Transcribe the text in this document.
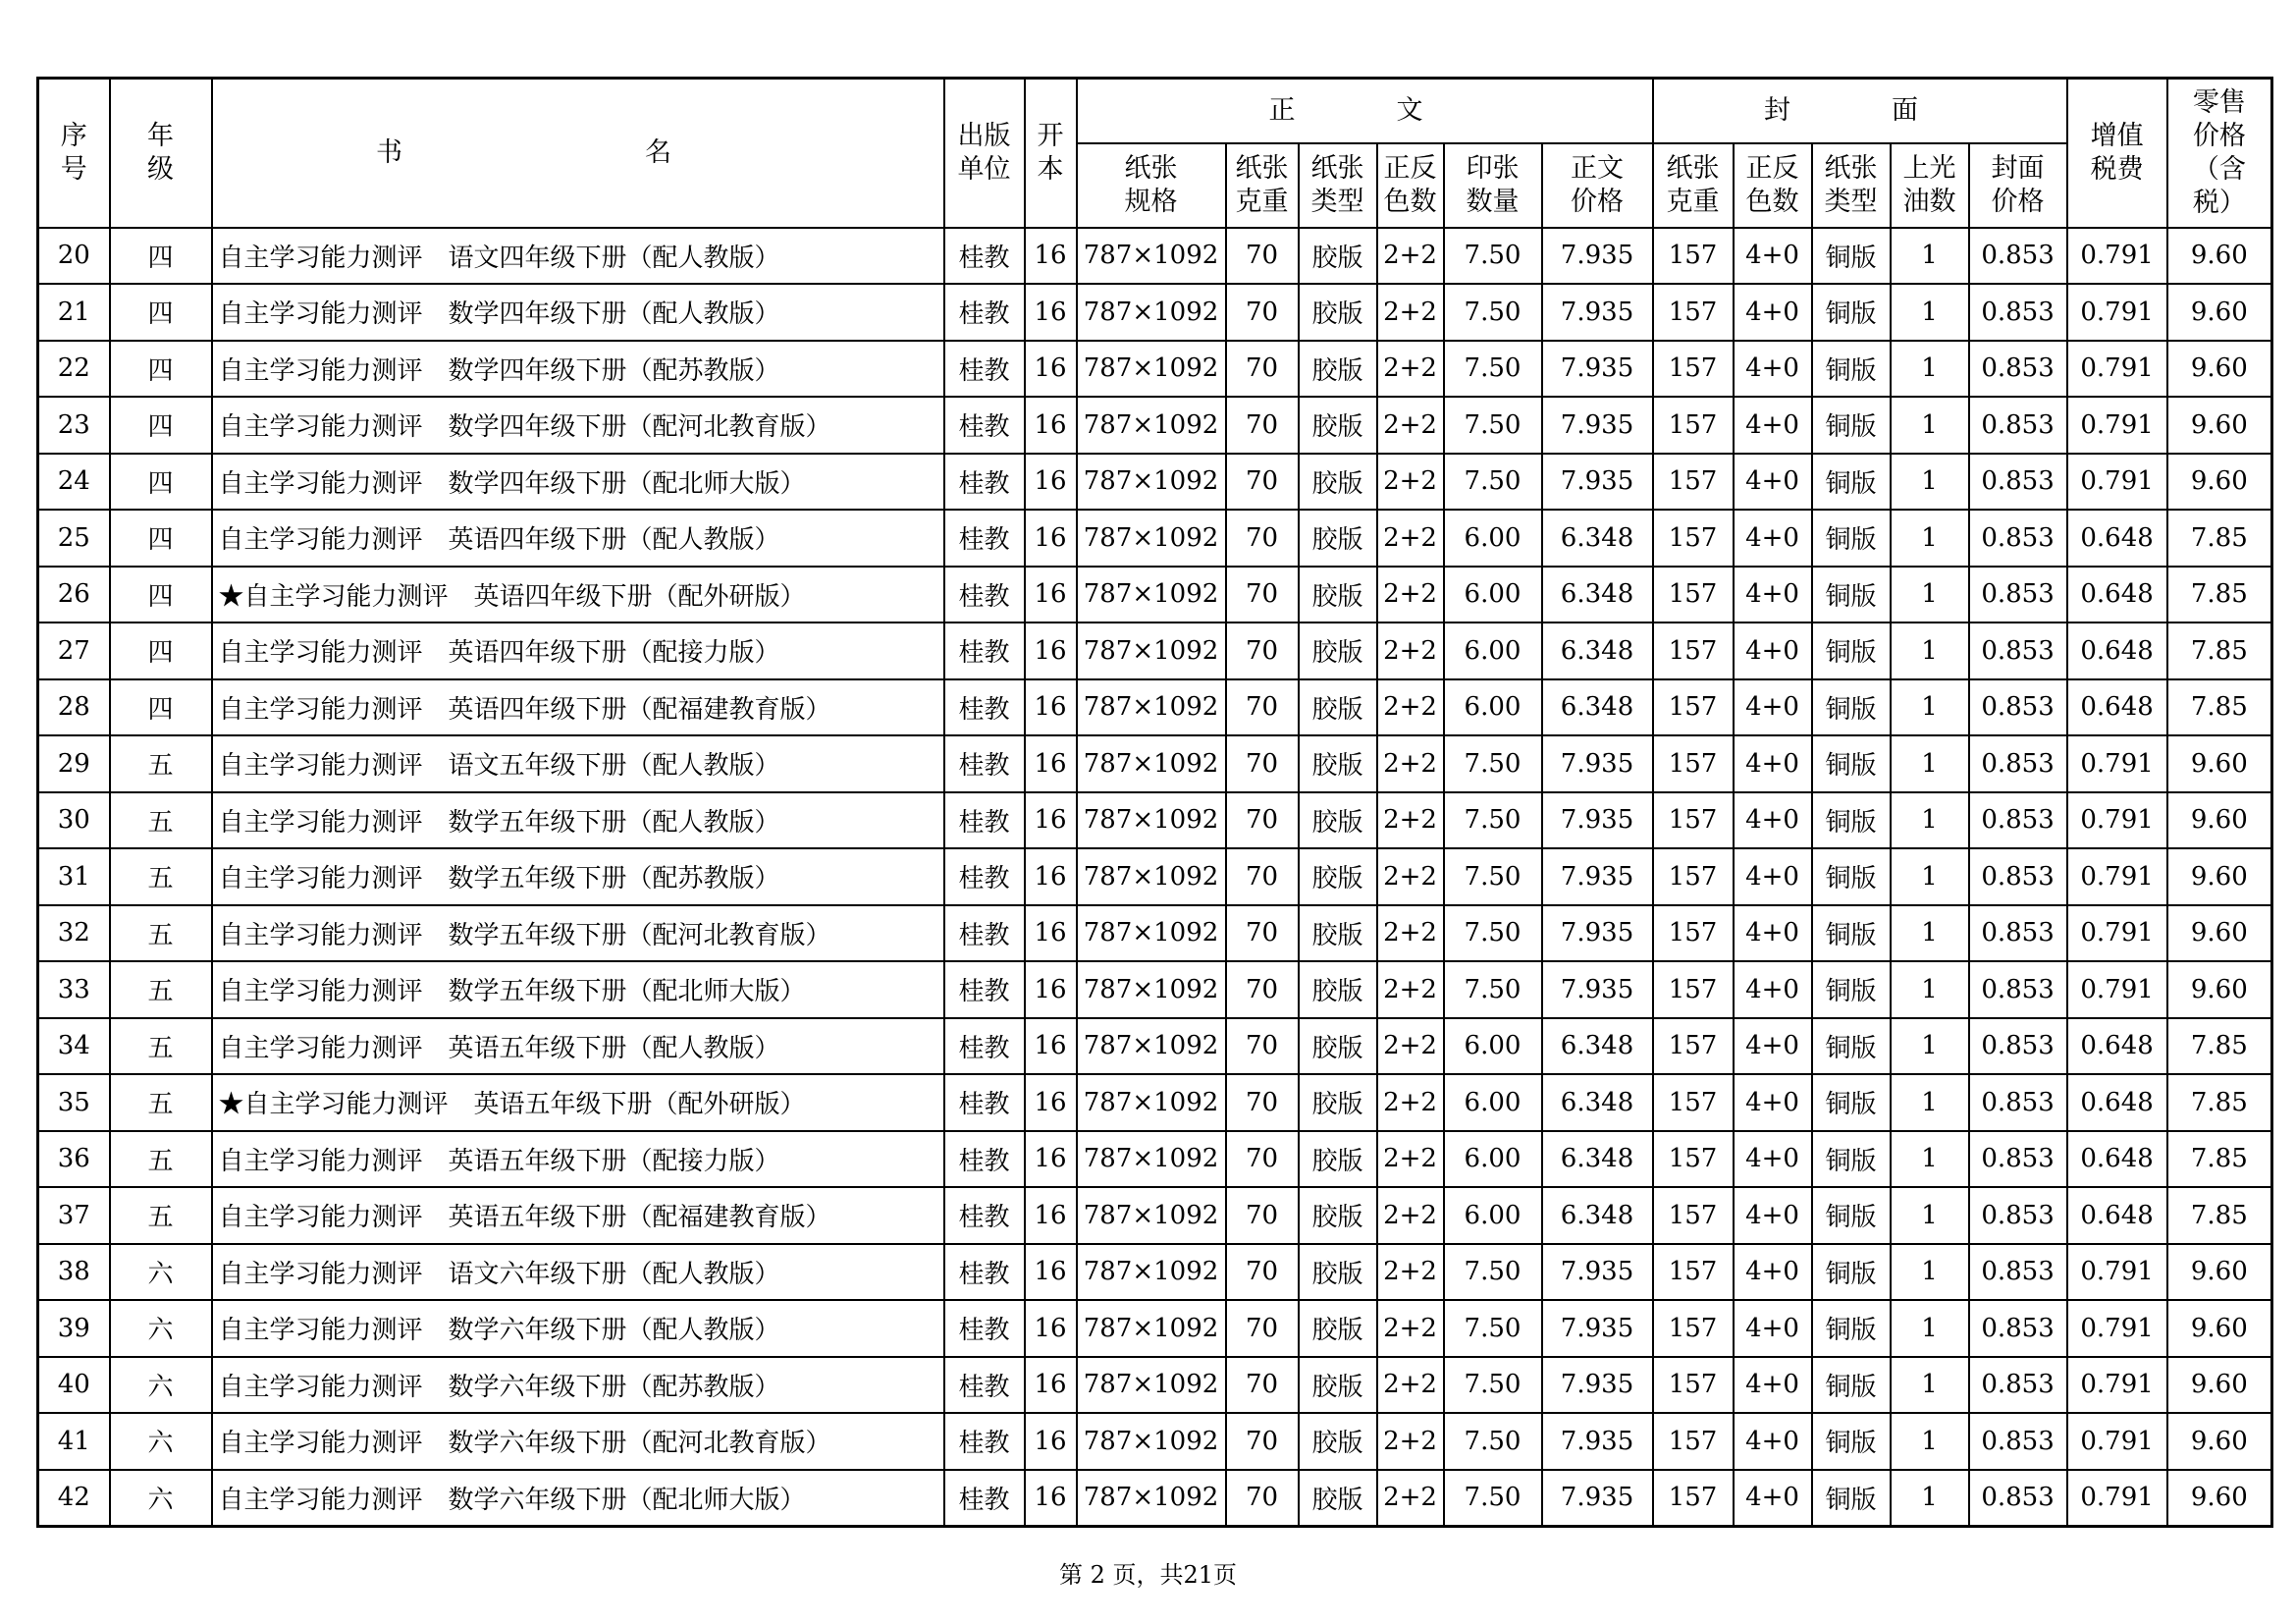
序号	年级	书　名	出版单位	开本	正　文						封　面					增值税费	零售价格（含税）
					纸张规格	纸张克重	纸张类型	正反色数	印张数量	正文价格	纸张克重	正反色数	纸张类型	上光油数	封面价格		
20	四	自主学习能力测评　语文四年级下册（配人教版）	桂教	16	787×1092	70	胶版	2+2	7.50	7.935	157	4+0	铜版	1	0.853	0.791	9.60
21	四	自主学习能力测评　数学四年级下册（配人教版）	桂教	16	787×1092	70	胶版	2+2	7.50	7.935	157	4+0	铜版	1	0.853	0.791	9.60
22	四	自主学习能力测评　数学四年级下册（配苏教版）	桂教	16	787×1092	70	胶版	2+2	7.50	7.935	157	4+0	铜版	1	0.853	0.791	9.60
23	四	自主学习能力测评　数学四年级下册（配河北教育版）	桂教	16	787×1092	70	胶版	2+2	7.50	7.935	157	4+0	铜版	1	0.853	0.791	9.60
24	四	自主学习能力测评　数学四年级下册（配北师大版）	桂教	16	787×1092	70	胶版	2+2	7.50	7.935	157	4+0	铜版	1	0.853	0.791	9.60
25	四	自主学习能力测评　英语四年级下册（配人教版）	桂教	16	787×1092	70	胶版	2+2	6.00	6.348	157	4+0	铜版	1	0.853	0.648	7.85
26	四	★自主学习能力测评　英语四年级下册（配外研版）	桂教	16	787×1092	70	胶版	2+2	6.00	6.348	157	4+0	铜版	1	0.853	0.648	7.85
27	四	自主学习能力测评　英语四年级下册（配接力版）	桂教	16	787×1092	70	胶版	2+2	6.00	6.348	157	4+0	铜版	1	0.853	0.648	7.85
28	四	自主学习能力测评　英语四年级下册（配福建教育版）	桂教	16	787×1092	70	胶版	2+2	6.00	6.348	157	4+0	铜版	1	0.853	0.648	7.85
29	五	自主学习能力测评　语文五年级下册（配人教版）	桂教	16	787×1092	70	胶版	2+2	7.50	7.935	157	4+0	铜版	1	0.853	0.791	9.60
30	五	自主学习能力测评　数学五年级下册（配人教版）	桂教	16	787×1092	70	胶版	2+2	7.50	7.935	157	4+0	铜版	1	0.853	0.791	9.60
31	五	自主学习能力测评　数学五年级下册（配苏教版）	桂教	16	787×1092	70	胶版	2+2	7.50	7.935	157	4+0	铜版	1	0.853	0.791	9.60
32	五	自主学习能力测评　数学五年级下册（配河北教育版）	桂教	16	787×1092	70	胶版	2+2	7.50	7.935	157	4+0	铜版	1	0.853	0.791	9.60
33	五	自主学习能力测评　数学五年级下册（配北师大版）	桂教	16	787×1092	70	胶版	2+2	7.50	7.935	157	4+0	铜版	1	0.853	0.791	9.60
34	五	自主学习能力测评　英语五年级下册（配人教版）	桂教	16	787×1092	70	胶版	2+2	6.00	6.348	157	4+0	铜版	1	0.853	0.648	7.85
35	五	★自主学习能力测评　英语五年级下册（配外研版）	桂教	16	787×1092	70	胶版	2+2	6.00	6.348	157	4+0	铜版	1	0.853	0.648	7.85
36	五	自主学习能力测评　英语五年级下册（配接力版）	桂教	16	787×1092	70	胶版	2+2	6.00	6.348	157	4+0	铜版	1	0.853	0.648	7.85
37	五	自主学习能力测评　英语五年级下册（配福建教育版）	桂教	16	787×1092	70	胶版	2+2	6.00	6.348	157	4+0	铜版	1	0.853	0.648	7.85
38	六	自主学习能力测评　语文六年级下册（配人教版）	桂教	16	787×1092	70	胶版	2+2	7.50	7.935	157	4+0	铜版	1	0.853	0.791	9.60
39	六	自主学习能力测评　数学六年级下册（配人教版）	桂教	16	787×1092	70	胶版	2+2	7.50	7.935	157	4+0	铜版	1	0.853	0.791	9.60
40	六	自主学习能力测评　数学六年级下册（配苏教版）	桂教	16	787×1092	70	胶版	2+2	7.50	7.935	157	4+0	铜版	1	0.853	0.791	9.60
41	六	自主学习能力测评　数学六年级下册（配河北教育版）	桂教	16	787×1092	70	胶版	2+2	7.50	7.935	157	4+0	铜版	1	0.853	0.791	9.60
42	六	自主学习能力测评　数学六年级下册（配北师大版）	桂教	16	787×1092	70	胶版	2+2	7.50	7.935	157	4+0	铜版	1	0.853	0.791	9.60
第 2 页，共21页
